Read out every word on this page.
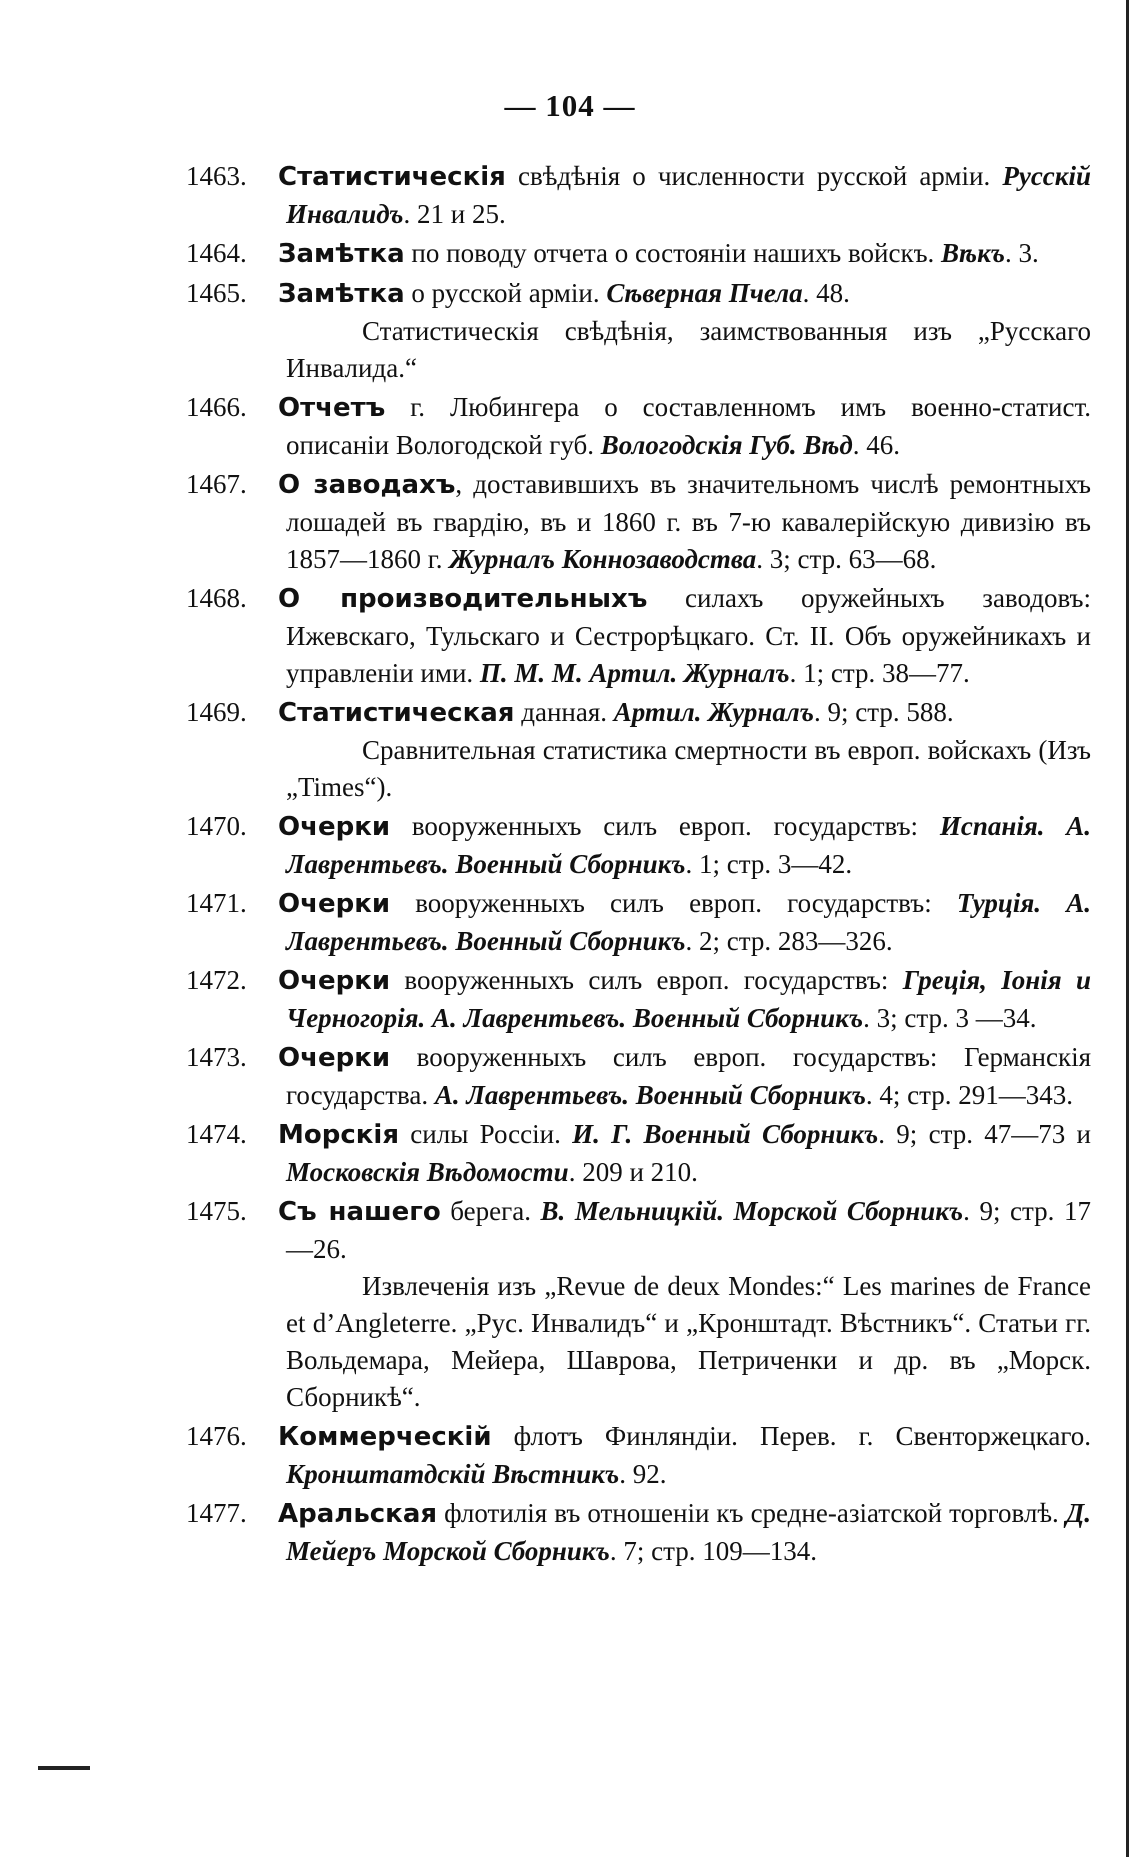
— 104 —
1463. Статистическія свѣдѣнія о численности русской арміи. Русскій Инвалидъ. 21 и 25.
1464. Замѣтка по поводу отчета о состояніи нашихъ войскъ. Вѣкъ. 3.
1465. Замѣтка о русской арміи. Сѣверная Пчела. 48.
Статистическія свѣдѣнія, заимствованныя изъ „Русскаго Инвалида.“
1466. Отчетъ г. Любингера о составленномъ имъ военно-статист. описаніи Вологодской губ. Вологодскія Губ. Вѣд. 46.
1467. О заводахъ, доставившихъ въ значительномъ числѣ ремонтныхъ лошадей въ гвардію, въ и 1860 г. въ 7-ю кавалерійскую дивизію въ 1857—1860 г. Журналъ Коннозаводства. 3; стр. 63—68.
1468. О производительныхъ силахъ оружейныхъ заводовъ: Ижевскаго, Тульскаго и Сестрорѣцкаго. Ст. II. Объ оружейникахъ и управленіи ими. П. М. М. Артил. Журналъ. 1; стр. 38—77.
1469. Статистическая данная. Артил. Журналъ. 9; стр. 588.
Сравнительная статистика смертности въ европ. войскахъ (Изъ „Times“).
1470. Очерки вооруженныхъ силъ европ. государствъ: Испанія. А. Лаврентьевъ. Военный Сборникъ. 1; стр. 3—42.
1471. Очерки вооруженныхъ силъ европ. государствъ: Турція. А. Лаврентьевъ. Военный Сборникъ. 2; стр. 283—326.
1472. Очерки вооруженныхъ силъ европ. государствъ: Греція, Іонія и Черногорія. А. Лаврентьевъ. Военный Сборникъ. 3; стр. 3 —34.
1473. Очерки вооруженныхъ силъ европ. государствъ: Германскія государства. А. Лаврентьевъ. Военный Сборникъ. 4; стр. 291—343.
1474. Морскія силы Россіи. И. Г. Военный Сборникъ. 9; стр. 47—73 и Московскія Вѣдомости. 209 и 210.
1475. Съ нашего берега. В. Мельницкій. Морской Сборникъ. 9; стр. 17—26.
Извлеченія изъ „Revue de deux Mondes:“ Les marines de France et d’Angleterre. „Рус. Инвалидъ“ и „Кронштадт. Вѣстникъ“. Статьи гг. Вольдемара, Мейера, Шаврова, Петриченки и др. въ „Морск. Сборникѣ“.
1476. Коммерческій флотъ Финляндіи. Перев. г. Свенторжецкаго. Кронштатдскій Вѣстникъ. 92.
1477. Аральская флотилія въ отношеніи къ средне-азіатской торговлѣ. Д. Мейеръ Морской Сборникъ. 7; стр. 109—134.
